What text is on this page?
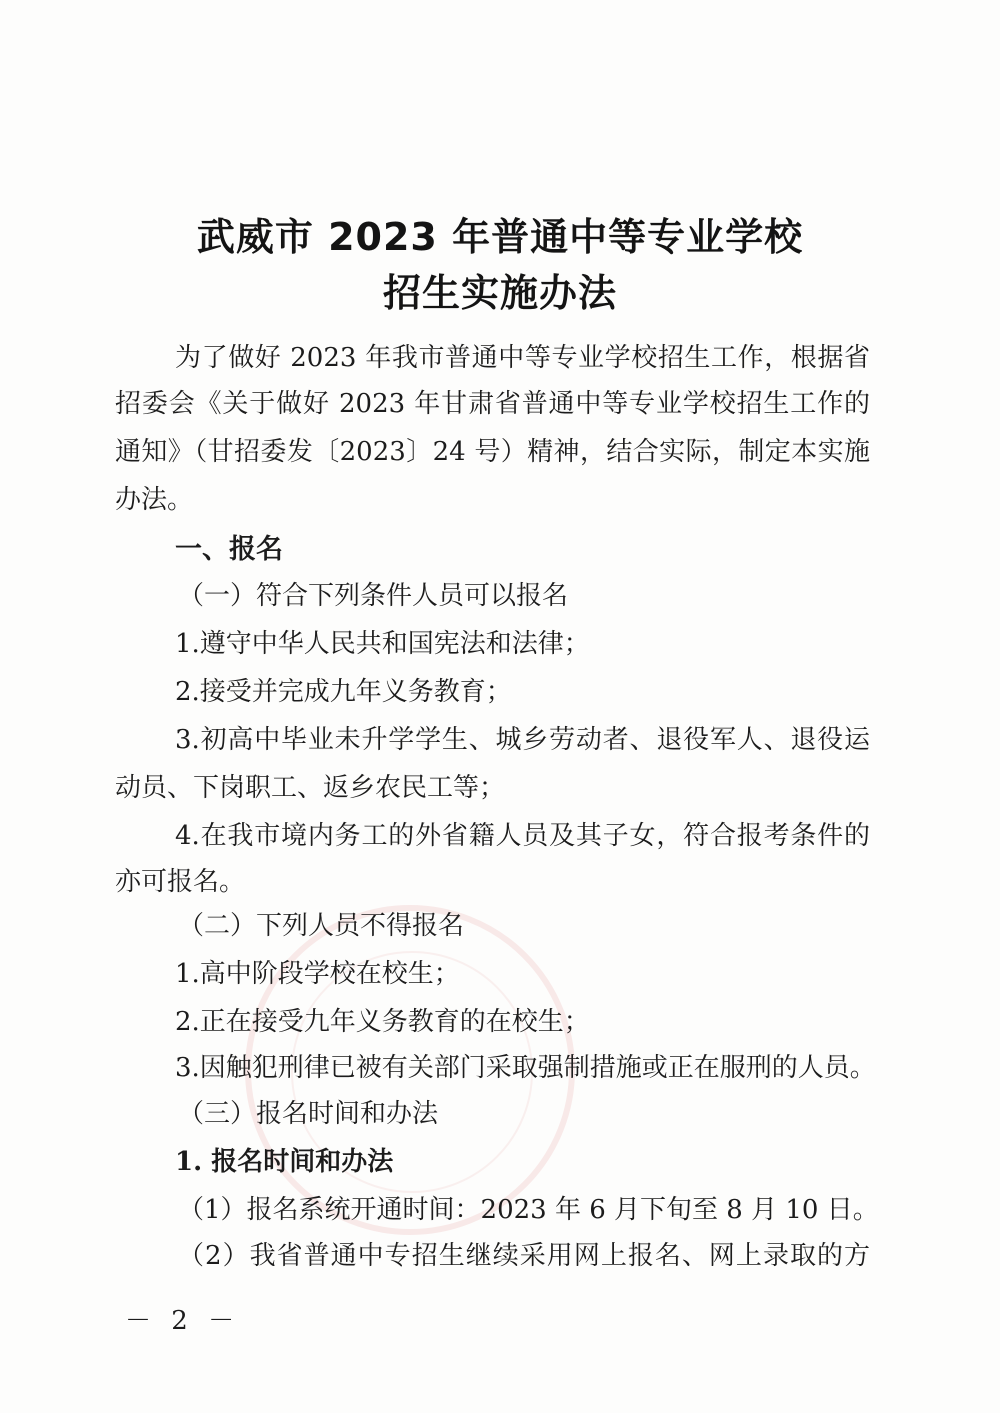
武威市 2023 年普通中等专业学校
招生实施办法
为了做好 2023 年我市普通中等专业学校招生工作，根据省
招委会《关于做好 2023 年甘肃省普通中等专业学校招生工作的
通知》（甘招委发〔2023〕24 号）精神，结合实际，制定本实施
办法。
一、报名
（一）符合下列条件人员可以报名
1.遵守中华人民共和国宪法和法律；
2.接受并完成九年义务教育；
3.初高中毕业未升学学生、城乡劳动者、退役军人、退役运
动员、下岗职工、返乡农民工等；
4.在我市境内务工的外省籍人员及其子女，符合报考条件的
亦可报名。
（二）下列人员不得报名
1.高中阶段学校在校生；
2.正在接受九年义务教育的在校生；
3.因触犯刑律已被有关部门采取强制措施或正在服刑的人员。
（三）报名时间和办法
1. 报名时间和办法
（1）报名系统开通时间：2023 年 6 月下旬至 8 月 10 日。
（2）我省普通中专招生继续采用网上报名、网上录取的方
－ 2 －
